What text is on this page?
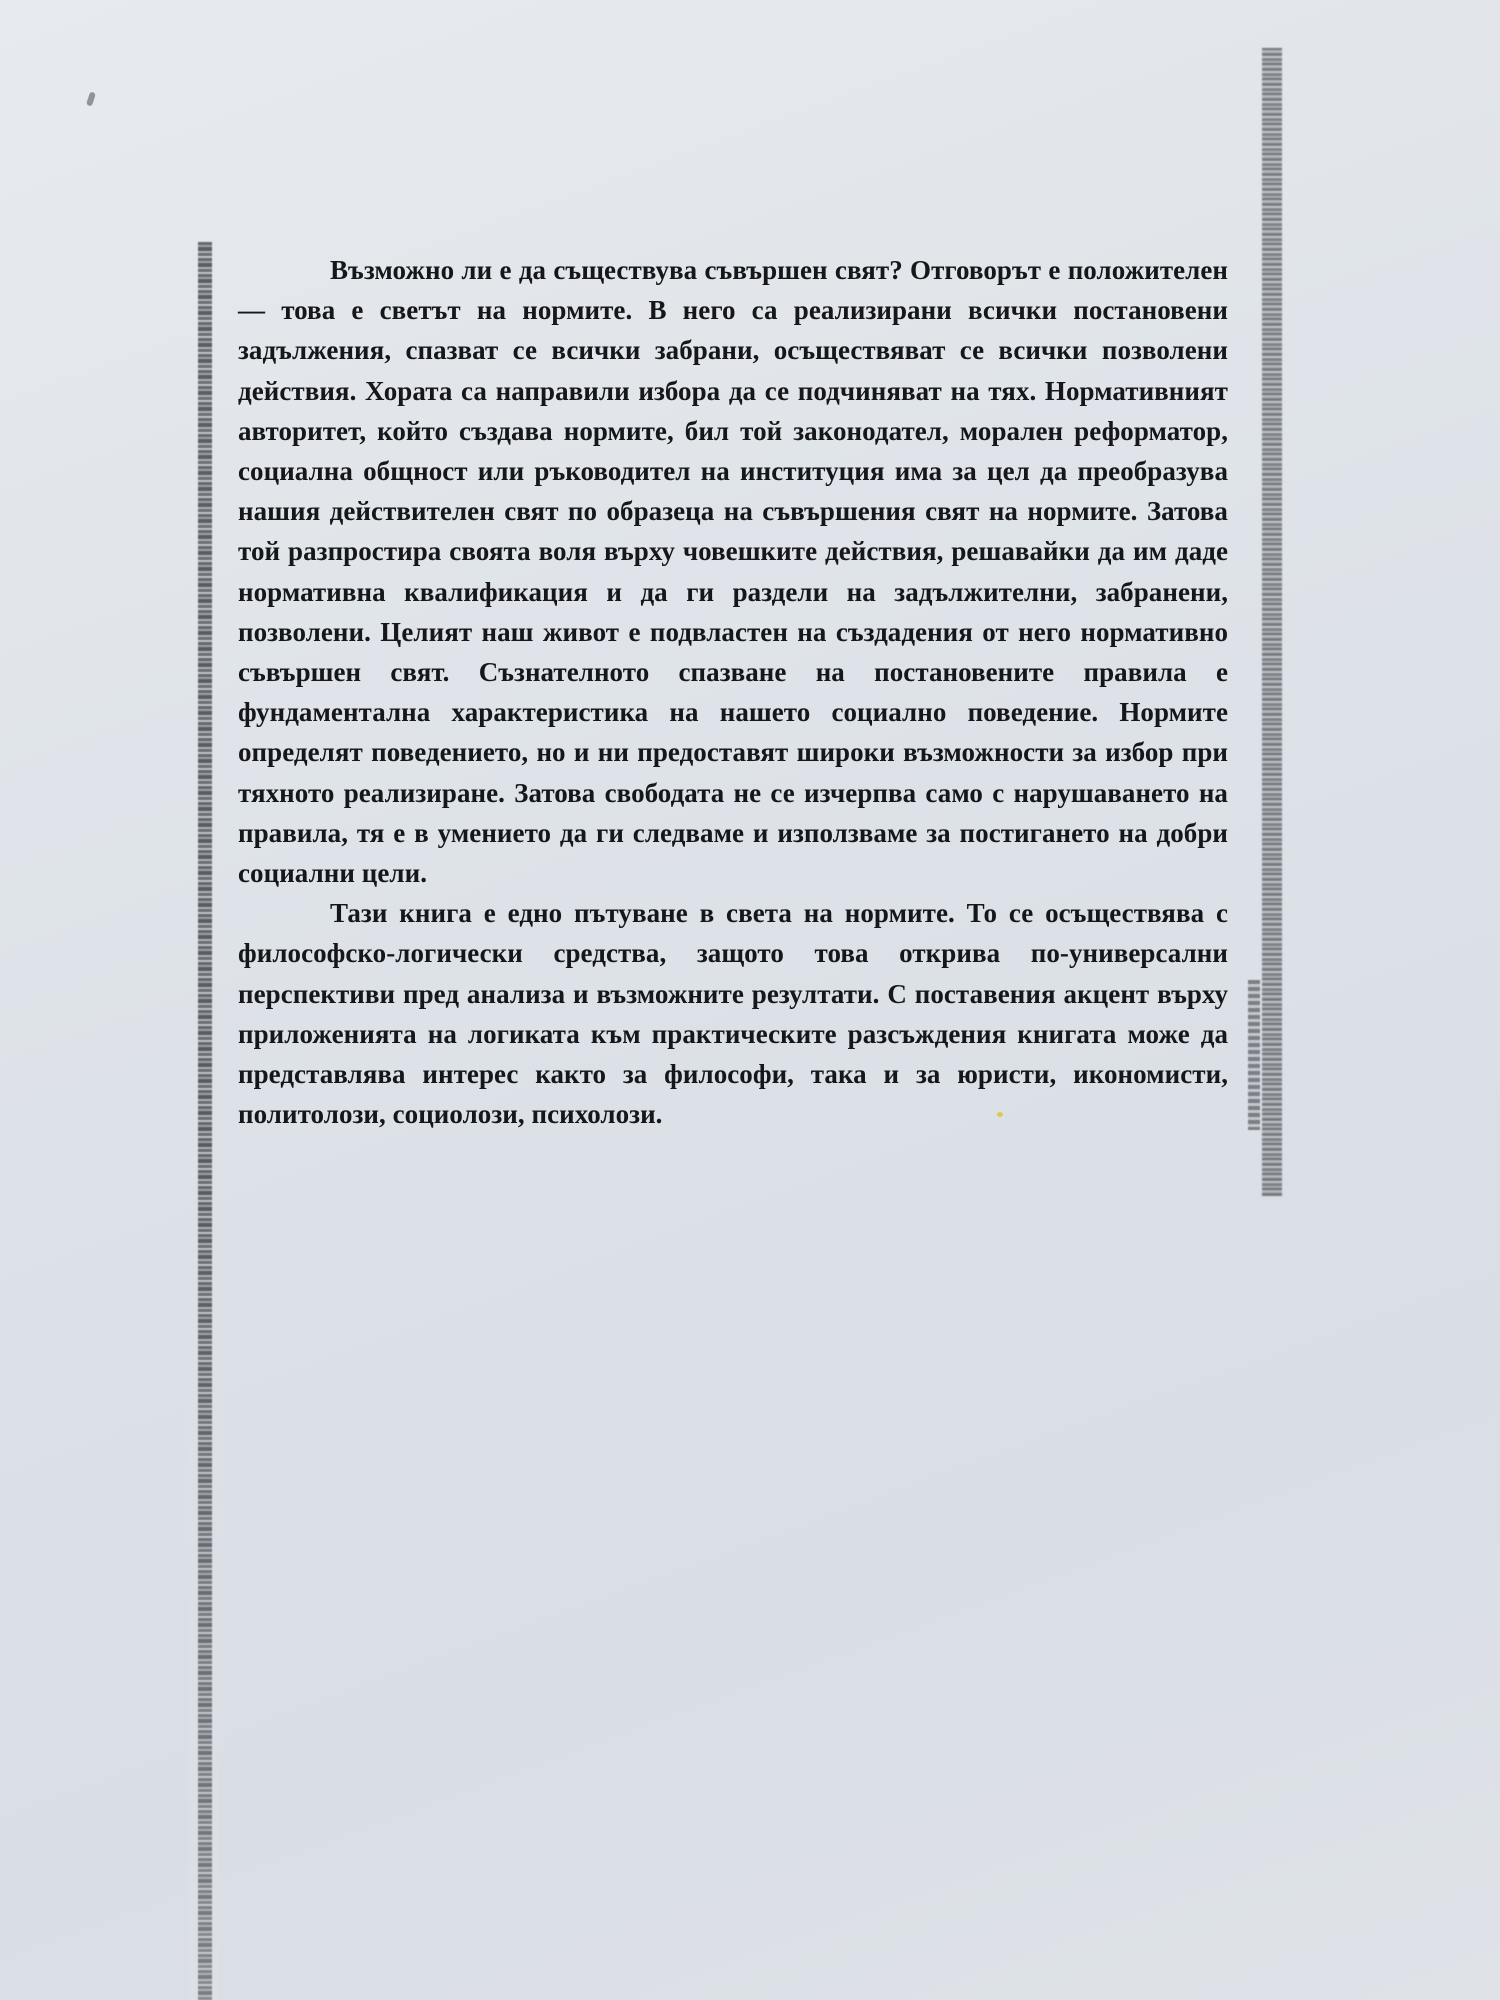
Възможно ли е да съществува съвършен свят? Отговорът е положителен — това е светът на нормите. В него са реализирани всички постановени задължения, спазват се всички забрани, осъществяват се всички позволени действия. Хората са направили избора да се подчиняват на тях. Нормативният авторитет, който създава нормите, бил той законодател, морален реформатор, социална общност или ръководител на институция има за цел да преобразува нашия действителен свят по образеца на съвършения свят на нормите. Затова той разпростира своята воля върху човешките действия, решавайки да им даде нормативна квалификация и да ги раздели на задължителни, забранени, позволени. Целият наш живот е подвластен на създадения от него нормативно съвършен свят. Съзнателното спазване на постановените правила е фундаментална характеристика на нашето социално поведение. Нормите определят поведението, но и ни предоставят широки възможности за избор при тяхното реализиране. Затова свободата не се изчерпва само с нарушаването на правила, тя е в умението да ги следваме и използваме за постигането на добри социални цели.

Тази книга е едно пътуване в света на нормите. То се осъществява с философско-логически средства, защото това открива по-универсални перспективи пред анализа и възможните резултати. С поставения акцент върху приложенията на логиката към практическите разсъждения книгата може да представлява интерес както за философи, така и за юристи, икономисти, политолози, социолози, психолози.
